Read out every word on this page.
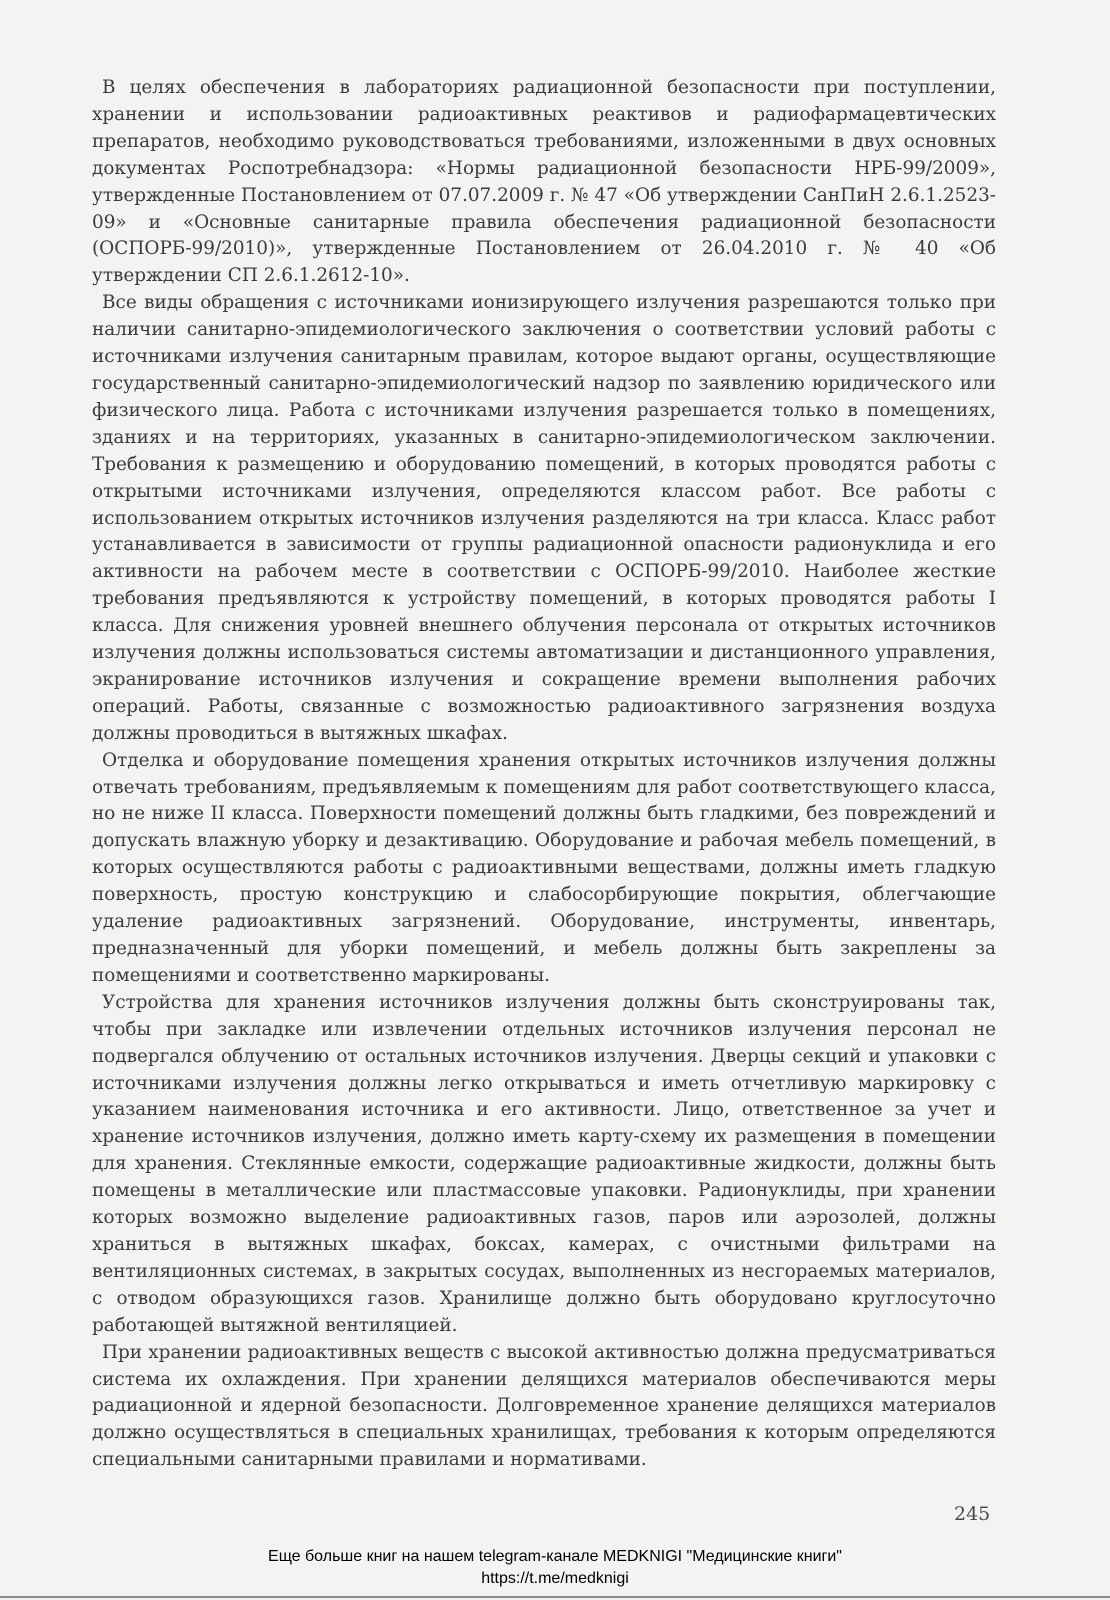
В целях обеспечения в лабораториях радиационной безопасности при поступлении, хранении и использовании радиоактивных реактивов и радиофармацевтических препаратов, необходимо руководствоваться требованиями, изложенными в двух основных документах Роспотребнадзора: «Нормы радиационной безопасности НРБ-99/2009», утвержденные Постановлением от 07.07.2009 г. № 47 «Об утверждении СанПиН 2.6.1.2523-09» и «Основные санитарные правила обеспечения радиационной безопасности (ОСПОРБ-99/2010)», утвержденные Постановлением от 26.04.2010 г. № 40 «Об утверждении СП 2.6.1.2612-10».

Все виды обращения с источниками ионизирующего излучения разрешаются только при наличии санитарно-эпидемиологического заключения о соответствии условий работы с источниками излучения санитарным правилам, которое выдают органы, осуществляющие государственный санитарно-эпидемиологический надзор по заявлению юридического или физического лица. Работа с источниками излучения разрешается только в помещениях, зданиях и на территориях, указанных в санитарно-эпидемиологическом заключении. Требования к размещению и оборудованию помещений, в которых проводятся работы с открытыми источниками излучения, определяются классом работ. Все работы с использованием открытых источников излучения разделяются на три класса. Класс работ устанавливается в зависимости от группы радиационной опасности радионуклида и его активности на рабочем месте в соответствии с ОСПОРБ-99/2010. Наиболее жесткие требования предъявляются к устройству помещений, в которых проводятся работы I класса. Для снижения уровней внешнего облучения персонала от открытых источников излучения должны использоваться системы автоматизации и дистанционного управления, экранирование источников излучения и сокращение времени выполнения рабочих операций. Работы, связанные с возможностью радиоактивного загрязнения воздуха должны проводиться в вытяжных шкафах.

Отделка и оборудование помещения хранения открытых источников излучения должны отвечать требованиям, предъявляемым к помещениям для работ соответствующего класса, но не ниже II класса. Поверхности помещений должны быть гладкими, без повреждений и допускать влажную уборку и дезактивацию. Оборудование и рабочая мебель помещений, в которых осуществляются работы с радиоактивными веществами, должны иметь гладкую поверхность, простую конструкцию и слабосорбирующие покрытия, облегчающие удаление радиоактивных загрязнений. Оборудование, инструменты, инвентарь, предназначенный для уборки помещений, и мебель должны быть закреплены за помещениями и соответственно маркированы.

Устройства для хранения источников излучения должны быть сконструированы так, чтобы при закладке или извлечении отдельных источников излучения персонал не подвергался облучению от остальных источников излучения. Дверцы секций и упаковки с источниками излучения должны легко открываться и иметь отчетливую маркировку с указанием наименования источника и его активности. Лицо, ответственное за учет и хранение источников излучения, должно иметь карту-схему их размещения в помещении для хранения. Стеклянные емкости, содержащие радиоактивные жидкости, должны быть помещены в металлические или пластмассовые упаковки. Радионуклиды, при хранении которых возможно выделение радиоактивных газов, паров или аэрозолей, должны храниться в вытяжных шкафах, боксах, камерах, с очистными фильтрами на вентиляционных системах, в закрытых сосудах, выполненных из несгораемых материалов, с отводом образующихся газов. Хранилище должно быть оборудовано круглосуточно работающей вытяжной вентиляцией.

При хранении радиоактивных веществ с высокой активностью должна предусматриваться система их охлаждения. При хранении делящихся материалов обеспечиваются меры радиационной и ядерной безопасности. Долговременное хранение делящихся материалов должно осуществляться в специальных хранилищах, требования к которым определяются специальными санитарными правилами и нормативами.

245
Еще больше книг на нашем telegram-канале MEDKNIGI "Медицинские книги"
https://t.me/medknigi
